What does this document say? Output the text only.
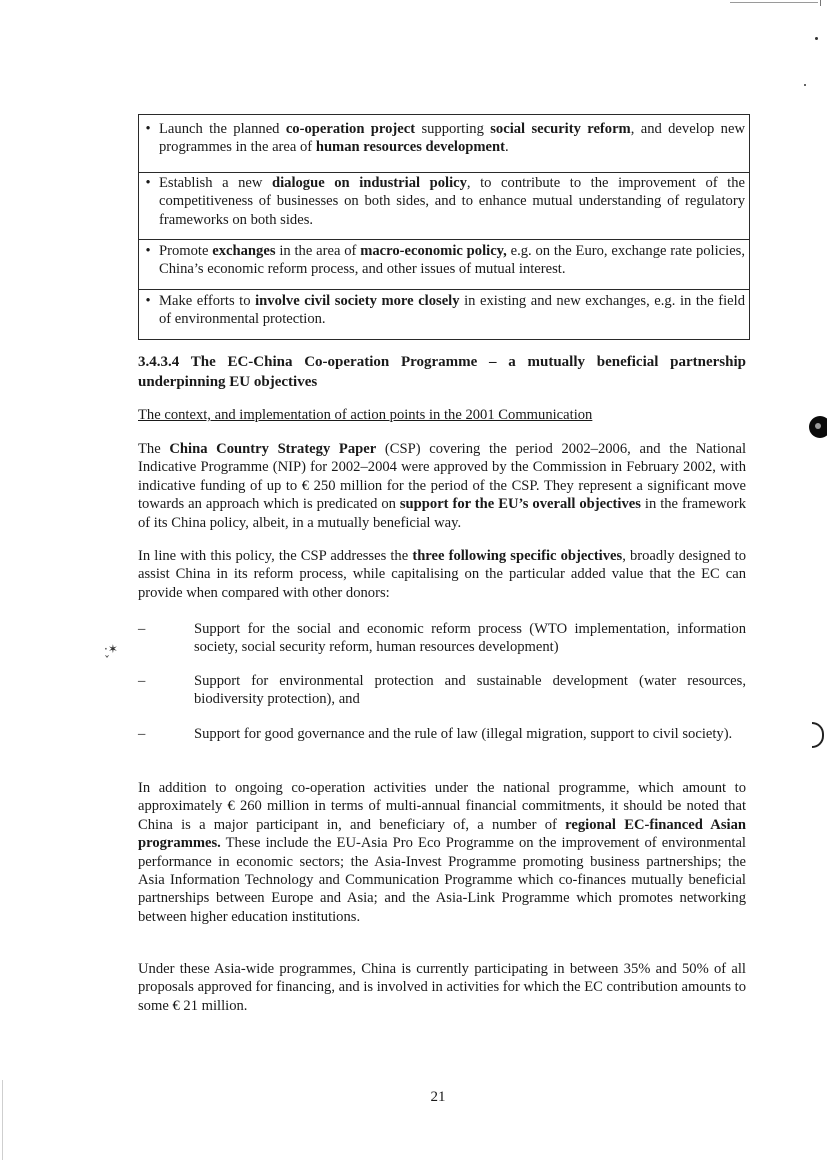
·✶
ˇ
• Launch the planned co-operation project supporting social security reform, and develop new programmes in the area of human resources development.
• Establish a new dialogue on industrial policy, to contribute to the improvement of the competitiveness of businesses on both sides, and to enhance mutual understanding of regulatory frameworks on both sides.
• Promote exchanges in the area of macro-economic policy, e.g. on the Euro, exchange rate policies, China’s economic reform process, and other issues of mutual interest.
• Make efforts to involve civil society more closely in existing and new exchanges, e.g. in the field of environmental protection.
3.4.3.4 The EC-China Co-operation Programme – a mutually beneficial partnership underpinning EU objectives
The context, and implementation of action points in the 2001 Communication
The China Country Strategy Paper (CSP) covering the period 2002–2006, and the National Indicative Programme (NIP) for 2002–2004 were approved by the Commission in February 2002, with indicative funding of up to € 250 million for the period of the CSP. They represent a significant move towards an approach which is predicated on support for the EU’s overall objectives in the framework of its China policy, albeit, in a mutually beneficial way.
In line with this policy, the CSP addresses the three following specific objectives, broadly designed to assist China in its reform process, while capitalising on the particular added value that the EC can provide when compared with other donors:
–	Support for the social and economic reform process (WTO implementation, information society, social security reform, human resources development)
–	Support for environmental protection and sustainable development (water resources, biodiversity protection), and
–	Support for good governance and the rule of law (illegal migration, support to civil society).
In addition to ongoing co-operation activities under the national programme, which amount to approximately € 260 million in terms of multi-annual financial commitments, it should be noted that China is a major participant in, and beneficiary of, a number of regional EC-financed Asian programmes. These include the EU-Asia Pro Eco Programme on the improvement of environmental performance in economic sectors; the Asia-Invest Programme promoting business partnerships; the Asia Information Technology and Communication Programme which co-finances mutually beneficial partnerships between Europe and Asia; and the Asia-Link Programme which promotes networking between higher education institutions.
Under these Asia-wide programmes, China is currently participating in between 35% and 50% of all proposals approved for financing, and is involved in activities for which the EC contribution amounts to some € 21 million.
21
